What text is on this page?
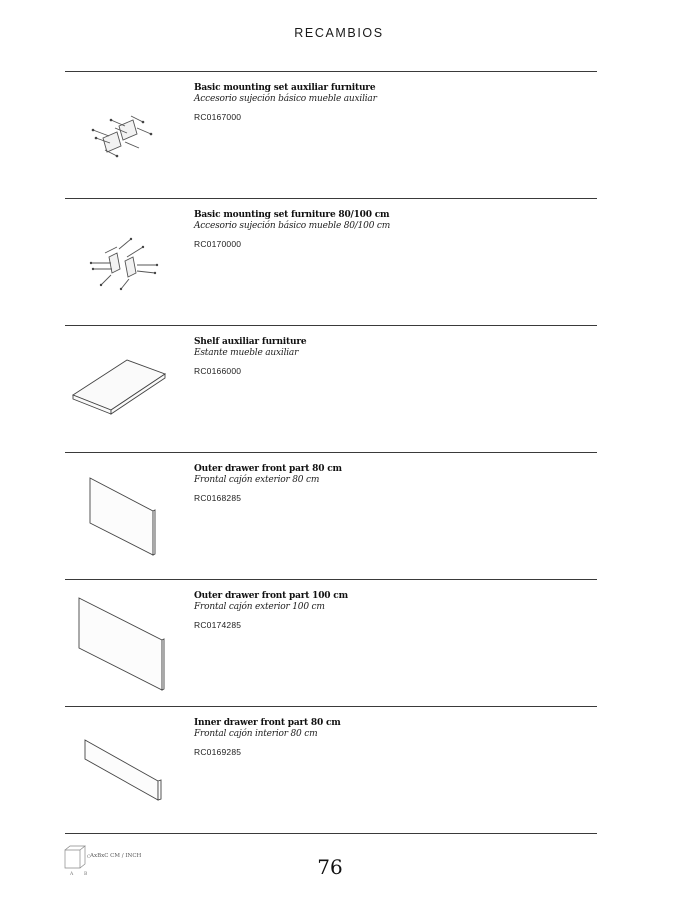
RECAMBIOS
Basic mounting set auxiliar furniture
Accesorio sujeción básico mueble auxiliar
RC0167000
Basic mounting set furniture 80/100 cm
Accesorio sujeción básico mueble 80/100 cm
RC0170000
Shelf auxiliar furniture
Estante mueble auxiliar
RC0166000
Outer drawer front part 80 cm
Frontal cajón exterior 80 cm
RC0168285
Outer drawer front part 100 cm
Frontal cajón exterior 100 cm
RC0174285
Inner drawer front part 80 cm
Frontal cajón interior 80 cm
RC0169285
C
A B
AxBxC CM / INCH	76
